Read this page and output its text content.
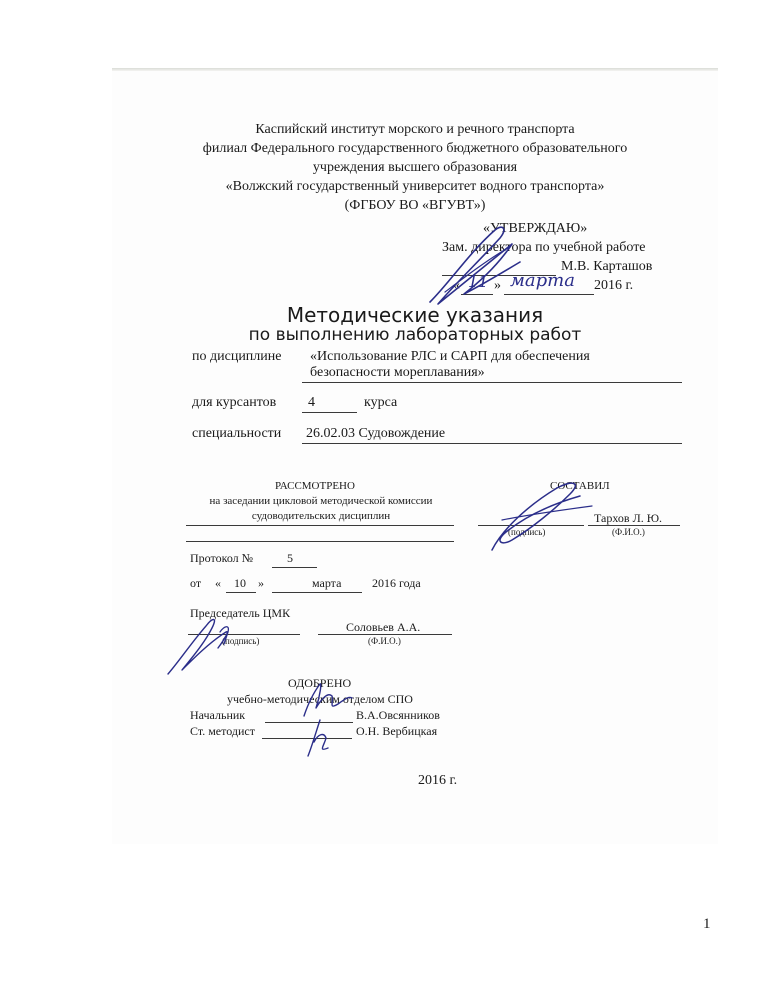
Каспийский институт морского и речного транспорта
филиал Федерального государственного бюджетного образовательного
учреждения высшего образования
«Волжский государственный университет водного транспорта»
(ФГБОУ ВО «ВГУВТ»)
«УТВЕРЖДАЮ»
Зам. директора по учебной работе
М.В. Карташов
« 11 » марта 2016 г.
Методические указания
по выполнению лабораторных работ
по дисциплине «Использование РЛС и САРП для обеспечения
безопасности мореплавания»
для курсантов 4	курса
специальности 26.02.03 Судовождение
РАССМОТРЕНО
на заседании цикловой методической комиссии
судоводительских дисциплин
Протокол №	5
от « 10 »	марта	2016 года
Председатель ЦМК
Соловьев А.А.
(подпись)	(Ф.И.О.)
СОСТАВИЛ
Тархов Л. Ю.
(подпись)	(Ф.И.О.)
ОДОБРЕНО
учебно-методическим отделом СПО
Начальник	В.А.Овсянников
Ст. методист	О.Н. Вербицкая
2016 г.
1
